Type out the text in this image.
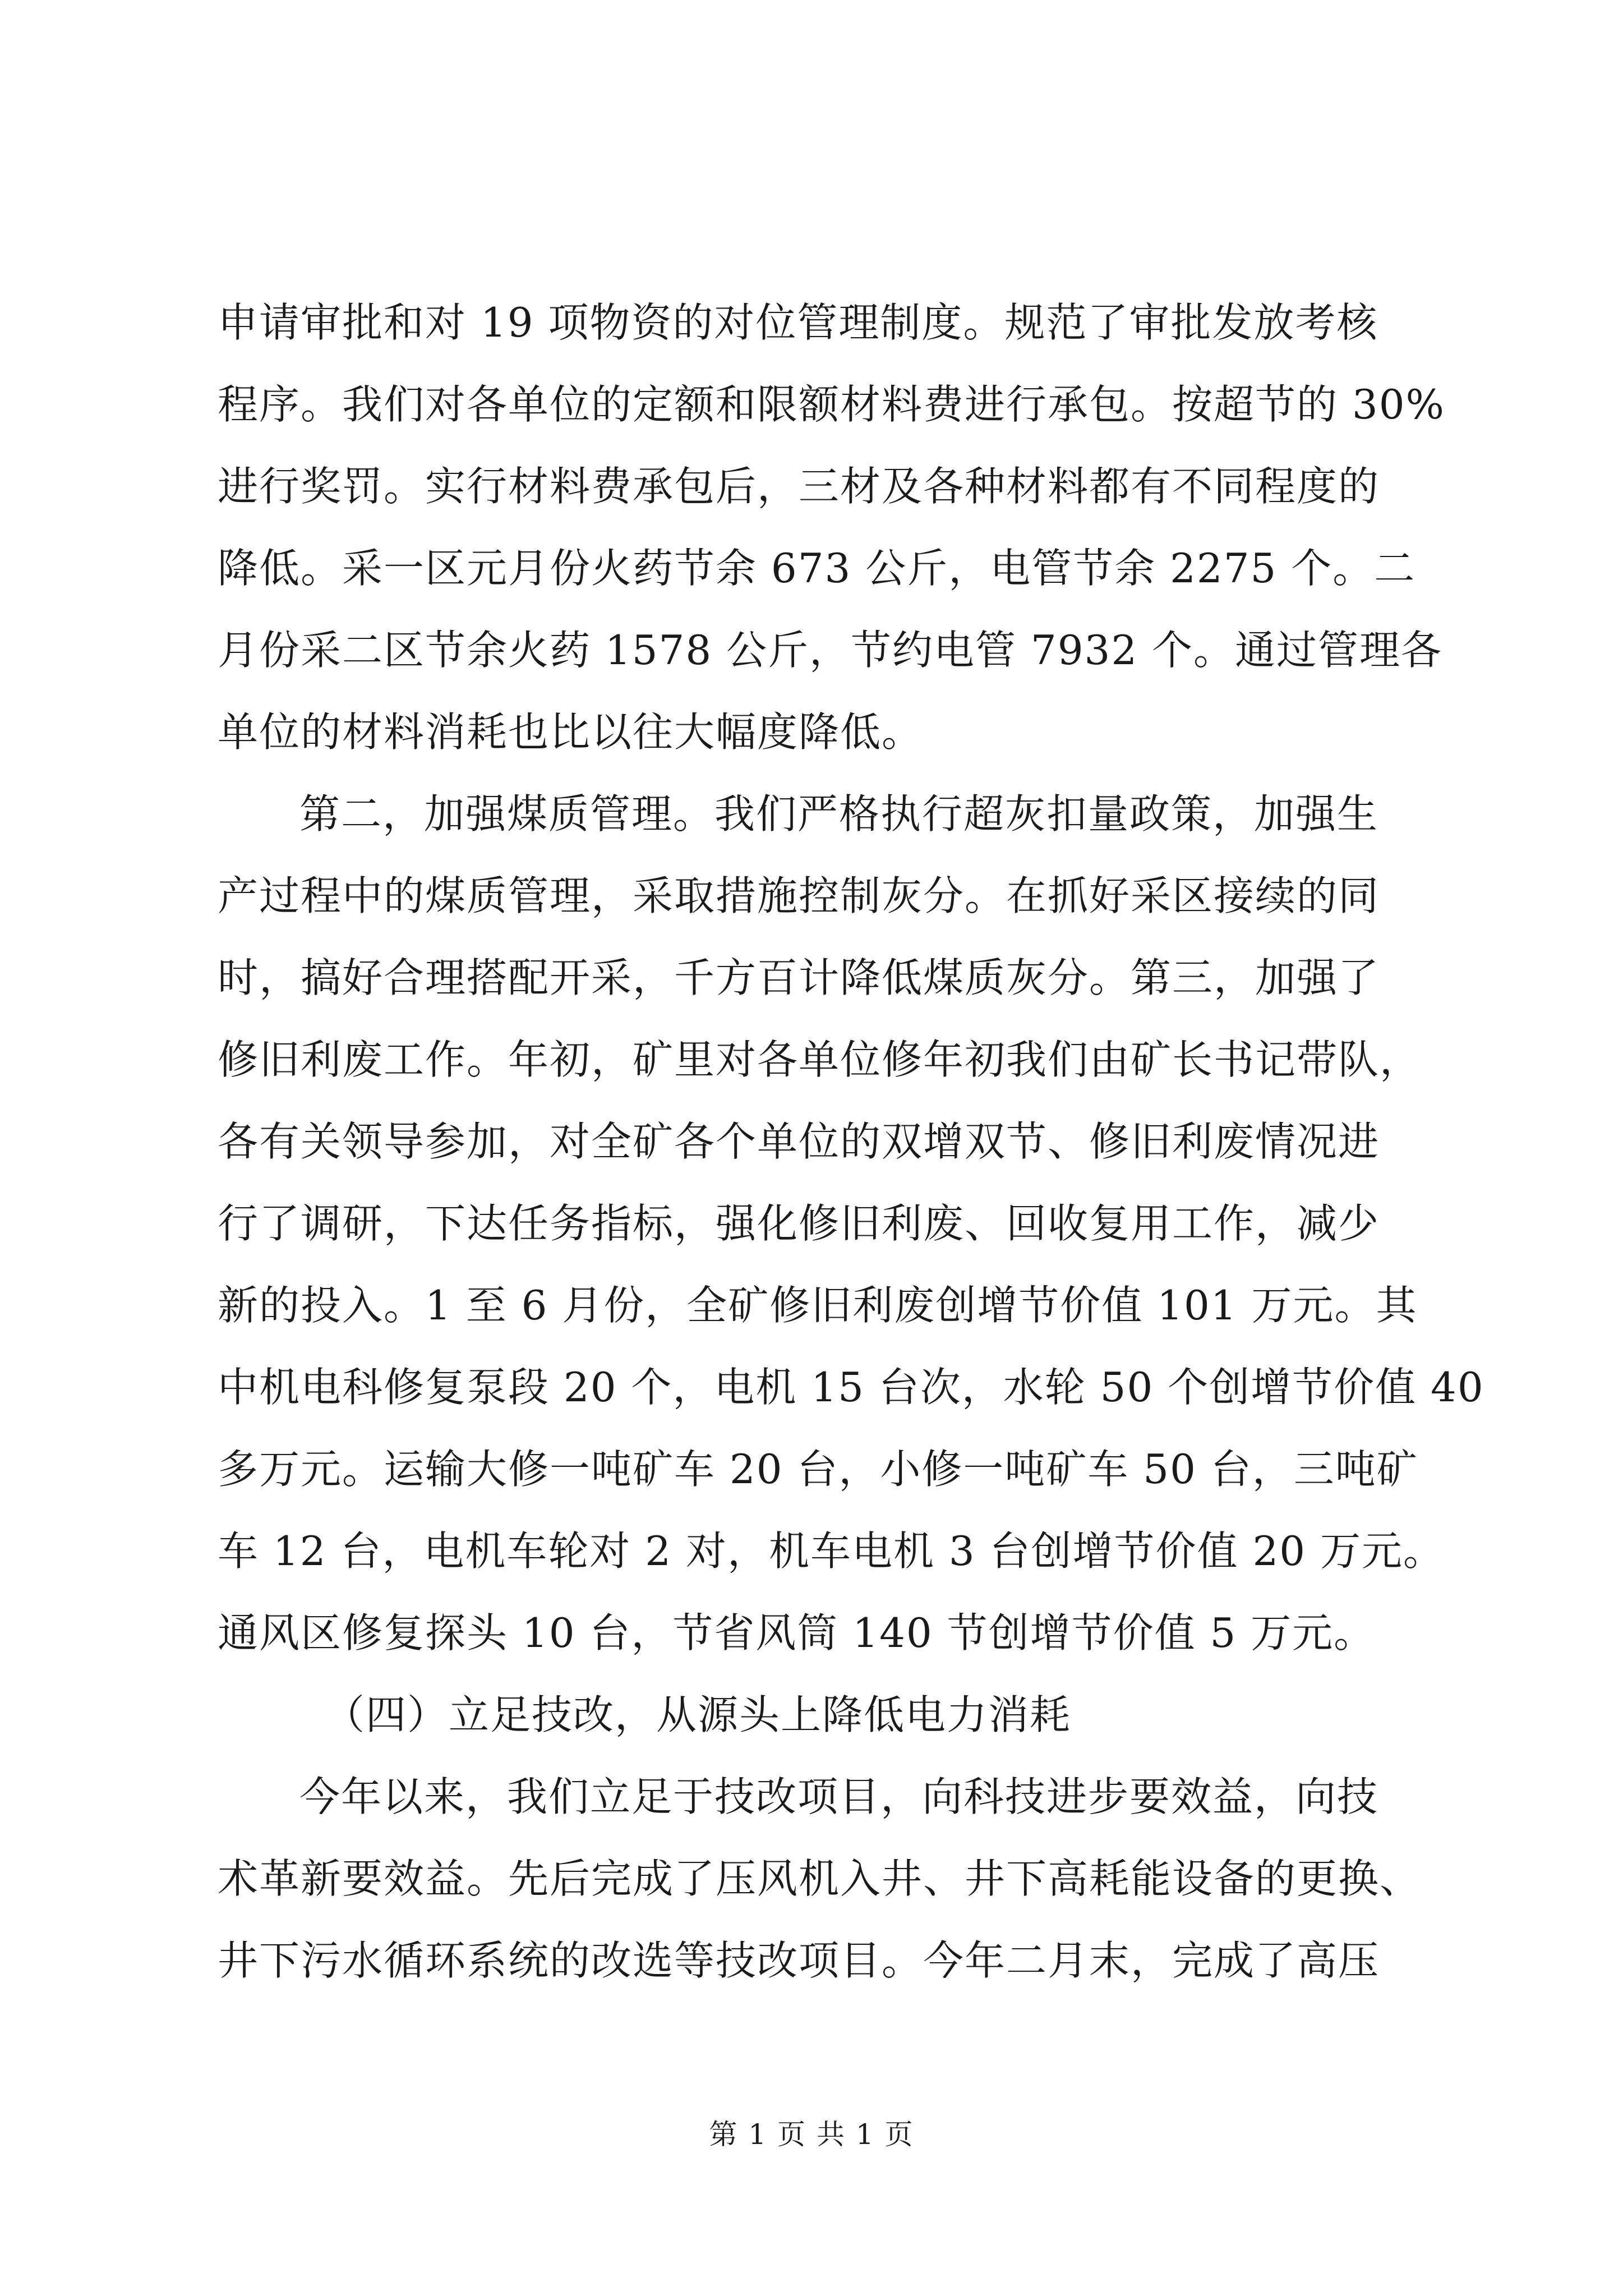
申请审批和对 19 项物资的对位管理制度。规范了审批发放考核
程序。我们对各单位的定额和限额材料费进行承包。按超节的 30%
进行奖罚。实行材料费承包后，三材及各种材料都有不同程度的
降低。采一区元月份火药节余 673 公斤，电管节余 2275 个。二
月份采二区节余火药 1578 公斤，节约电管 7932 个。通过管理各
单位的材料消耗也比以往大幅度降低。
第二，加强煤质管理。我们严格执行超灰扣量政策，加强生
产过程中的煤质管理，采取措施控制灰分。在抓好采区接续的同
时，搞好合理搭配开采，千方百计降低煤质灰分。第三，加强了
修旧利废工作。年初，矿里对各单位修年初我们由矿长书记带队，
各有关领导参加，对全矿各个单位的双增双节、修旧利废情况进
行了调研，下达任务指标，强化修旧利废、回收复用工作，减少
新的投入。1 至 6 月份，全矿修旧利废创增节价值 101 万元。其
中机电科修复泵段 20 个，电机 15 台次，水轮 50 个创增节价值 40
多万元。运输大修一吨矿车 20 台，小修一吨矿车 50 台，三吨矿
车 12 台，电机车轮对 2 对，机车电机 3 台创增节价值 20 万元。
通风区修复探头 10 台，节省风筒 140 节创增节价值 5 万元。
（四）立足技改，从源头上降低电力消耗
今年以来，我们立足于技改项目，向科技进步要效益，向技
术革新要效益。先后完成了压风机入井、井下高耗能设备的更换、
井下污水循环系统的改选等技改项目。今年二月末，完成了高压
第 1 页 共 1 页
